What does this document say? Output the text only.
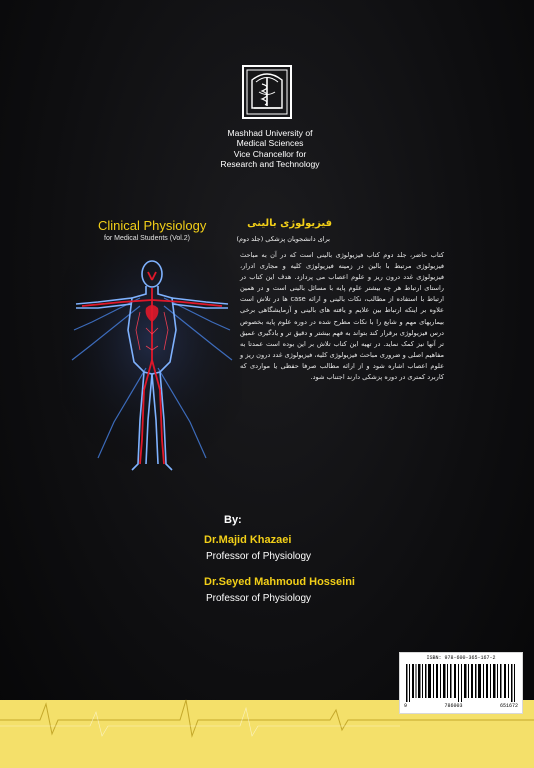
Mashhad University of
Medical Sciences
Vice Chancellor for
Research and Technology
Clinical Physiology
for Medical Students (Vol.2)
فیزیولوژی بالینی
برای دانشجویان پزشکی (جلد دوم)
کتاب حاضر، جلد دوم کتاب فیزیولوژی بالینی است که در آن به مباحث فیزیولوژی مرتبط با بالین در زمینه فیزیولوژی کلیه و مجاری ادرار، فیزیولوژی غدد درون ریز و علوم اعصاب می پردازد. هدف این کتاب در راستای ارتباط هر چه بیشتر علوم پایه با مسائل بالینی است و در همین ارتباط با استفاده از مطالب، نکات بالینی و ارائه case ها در تلاش است علاوه بر اینکه ارتباط بین علایم و یافته های بالینی و آزمایشگاهی برخی بیماریهای مهم و شایع را با نکات مطرح شده در دوره علوم پایه بخصوص درس فیزیولوژی برقرار کند بتواند به فهم بیشتر و دقیق تر و یادگیری عمیق تر آنها نیز کمک نماید. در تهیه این کتاب تلاش بر این بوده است عمدتا به مفاهیم اصلی و ضروری مباحث فیزیولوژی کلیه، فیزیولوژی غدد درون ریز و علوم اعصاب اشاره شود و از ارائه مطالب صرفا حفظی یا مواردی که کاربرد کمتری در دوره پزشکی دارند اجتناب شود.
By:
Dr.Majid Khazaei
Professor of Physiology
Dr.Seyed Mahmoud Hosseini
Professor of Physiology
ISBN: 978-600-365-167-2
9	786003	651672
